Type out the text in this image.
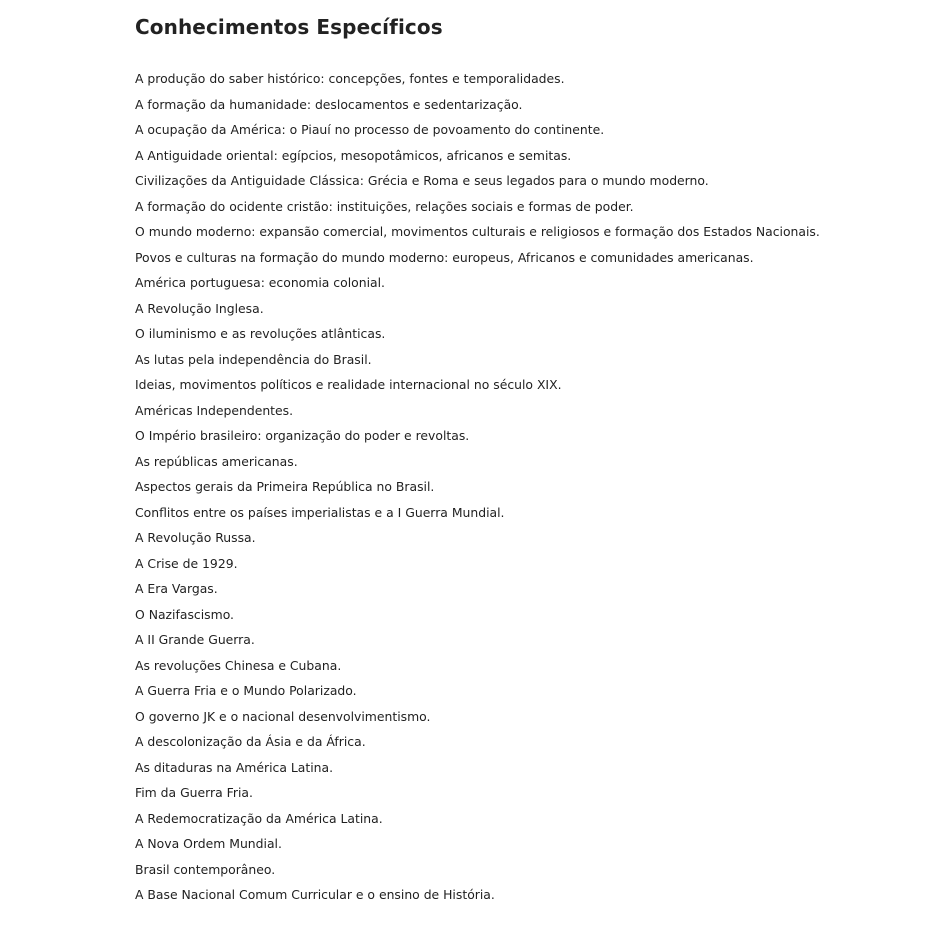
Conhecimentos Específicos
A produção do saber histórico: concepções, fontes e temporalidades.
A formação da humanidade: deslocamentos e sedentarização.
A ocupação da América: o Piauí no processo de povoamento do continente.
A Antiguidade oriental: egípcios, mesopotâmicos, africanos e semitas.
Civilizações da Antiguidade Clássica: Grécia e Roma e seus legados para o mundo moderno.
A formação do ocidente cristão: instituições, relações sociais e formas de poder.
O mundo moderno: expansão comercial, movimentos culturais e religiosos e formação dos Estados Nacionais.
Povos e culturas na formação do mundo moderno: europeus, Africanos e comunidades americanas.
América portuguesa: economia colonial.
A Revolução Inglesa.
O iluminismo e as revoluções atlânticas.
As lutas pela independência do Brasil.
Ideias, movimentos políticos e realidade internacional no século XIX.
Américas Independentes.
O Império brasileiro: organização do poder e revoltas.
As repúblicas americanas.
Aspectos gerais da Primeira República no Brasil.
Conflitos entre os países imperialistas e a I Guerra Mundial.
A Revolução Russa.
A Crise de 1929.
A Era Vargas.
O Nazifascismo.
A II Grande Guerra.
As revoluções Chinesa e Cubana.
A Guerra Fria e o Mundo Polarizado.
O governo JK e o nacional desenvolvimentismo.
A descolonização da Ásia e da África.
As ditaduras na América Latina.
Fim da Guerra Fria.
A Redemocratização da América Latina.
A Nova Ordem Mundial.
Brasil contemporâneo.
A Base Nacional Comum Curricular e o ensino de História.
